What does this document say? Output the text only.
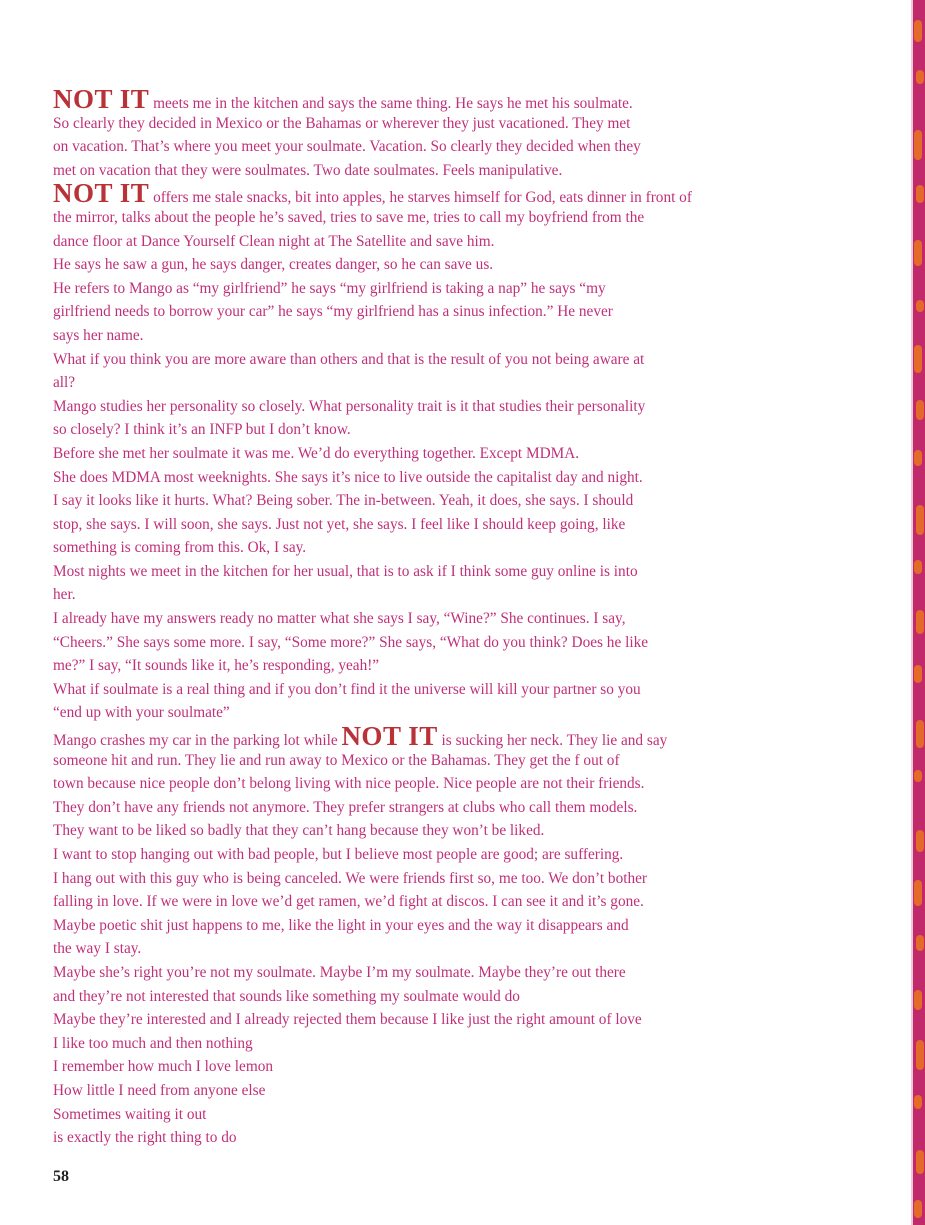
NOT IT meets me in the kitchen and says the same thing. He says he met his soulmate.
So clearly they decided in Mexico or the Bahamas or wherever they just vacationed. They met
on vacation. That’s where you meet your soulmate. Vacation. So clearly they decided when they
met on vacation that they were soulmates. Two date soulmates. Feels manipulative.
NOT IT offers me stale snacks, bit into apples, he starves himself for God, eats dinner in front of
the mirror, talks about the people he’s saved, tries to save me, tries to call my boyfriend from the
dance floor at Dance Yourself Clean night at The Satellite and save him.
He says he saw a gun, he says danger, creates danger, so he can save us.
He refers to Mango as “my girlfriend” he says “my girlfriend is taking a nap” he says “my
girlfriend needs to borrow your car” he says “my girlfriend has a sinus infection.” He never
says her name.
What if you think you are more aware than others and that is the result of you not being aware at
all?
Mango studies her personality so closely. What personality trait is it that studies their personality
so closely? I think it’s an INFP but I don’t know.
Before she met her soulmate it was me. We’d do everything together. Except MDMA.
She does MDMA most weeknights. She says it’s nice to live outside the capitalist day and night.
I say it looks like it hurts. What? Being sober. The in-between. Yeah, it does, she says. I should
stop, she says. I will soon, she says. Just not yet, she says. I feel like I should keep going, like
something is coming from this. Ok, I say.
Most nights we meet in the kitchen for her usual, that is to ask if I think some guy online is into
her.
I already have my answers ready no matter what she says I say, “Wine?” She continues. I say,
“Cheers.” She says some more. I say, “Some more?” She says, “What do you think? Does he like
me?” I say, “It sounds like it, he’s responding, yeah!”
What if soulmate is a real thing and if you don’t find it the universe will kill your partner so you
“end up with your soulmate”
Mango crashes my car in the parking lot while NOT IT is sucking her neck. They lie and say
someone hit and run. They lie and run away to Mexico or the Bahamas. They get the f out of
town because nice people don’t belong living with nice people. Nice people are not their friends.
They don’t have any friends not anymore. They prefer strangers at clubs who call them models.
They want to be liked so badly that they can’t hang because they won’t be liked.
I want to stop hanging out with bad people, but I believe most people are good; are suffering.
I hang out with this guy who is being canceled. We were friends first so, me too. We don’t bother
falling in love. If we were in love we’d get ramen, we’d fight at discos. I can see it and it’s gone.
Maybe poetic shit just happens to me, like the light in your eyes and the way it disappears and
the way I stay.
Maybe she’s right you’re not my soulmate. Maybe I’m my soulmate. Maybe they’re out there
and they’re not interested that sounds like something my soulmate would do
Maybe they’re interested and I already rejected them because I like just the right amount of love
I like too much and then nothing
I remember how much I love lemon
How little I need from anyone else
Sometimes waiting it out
is exactly the right thing to do
58
